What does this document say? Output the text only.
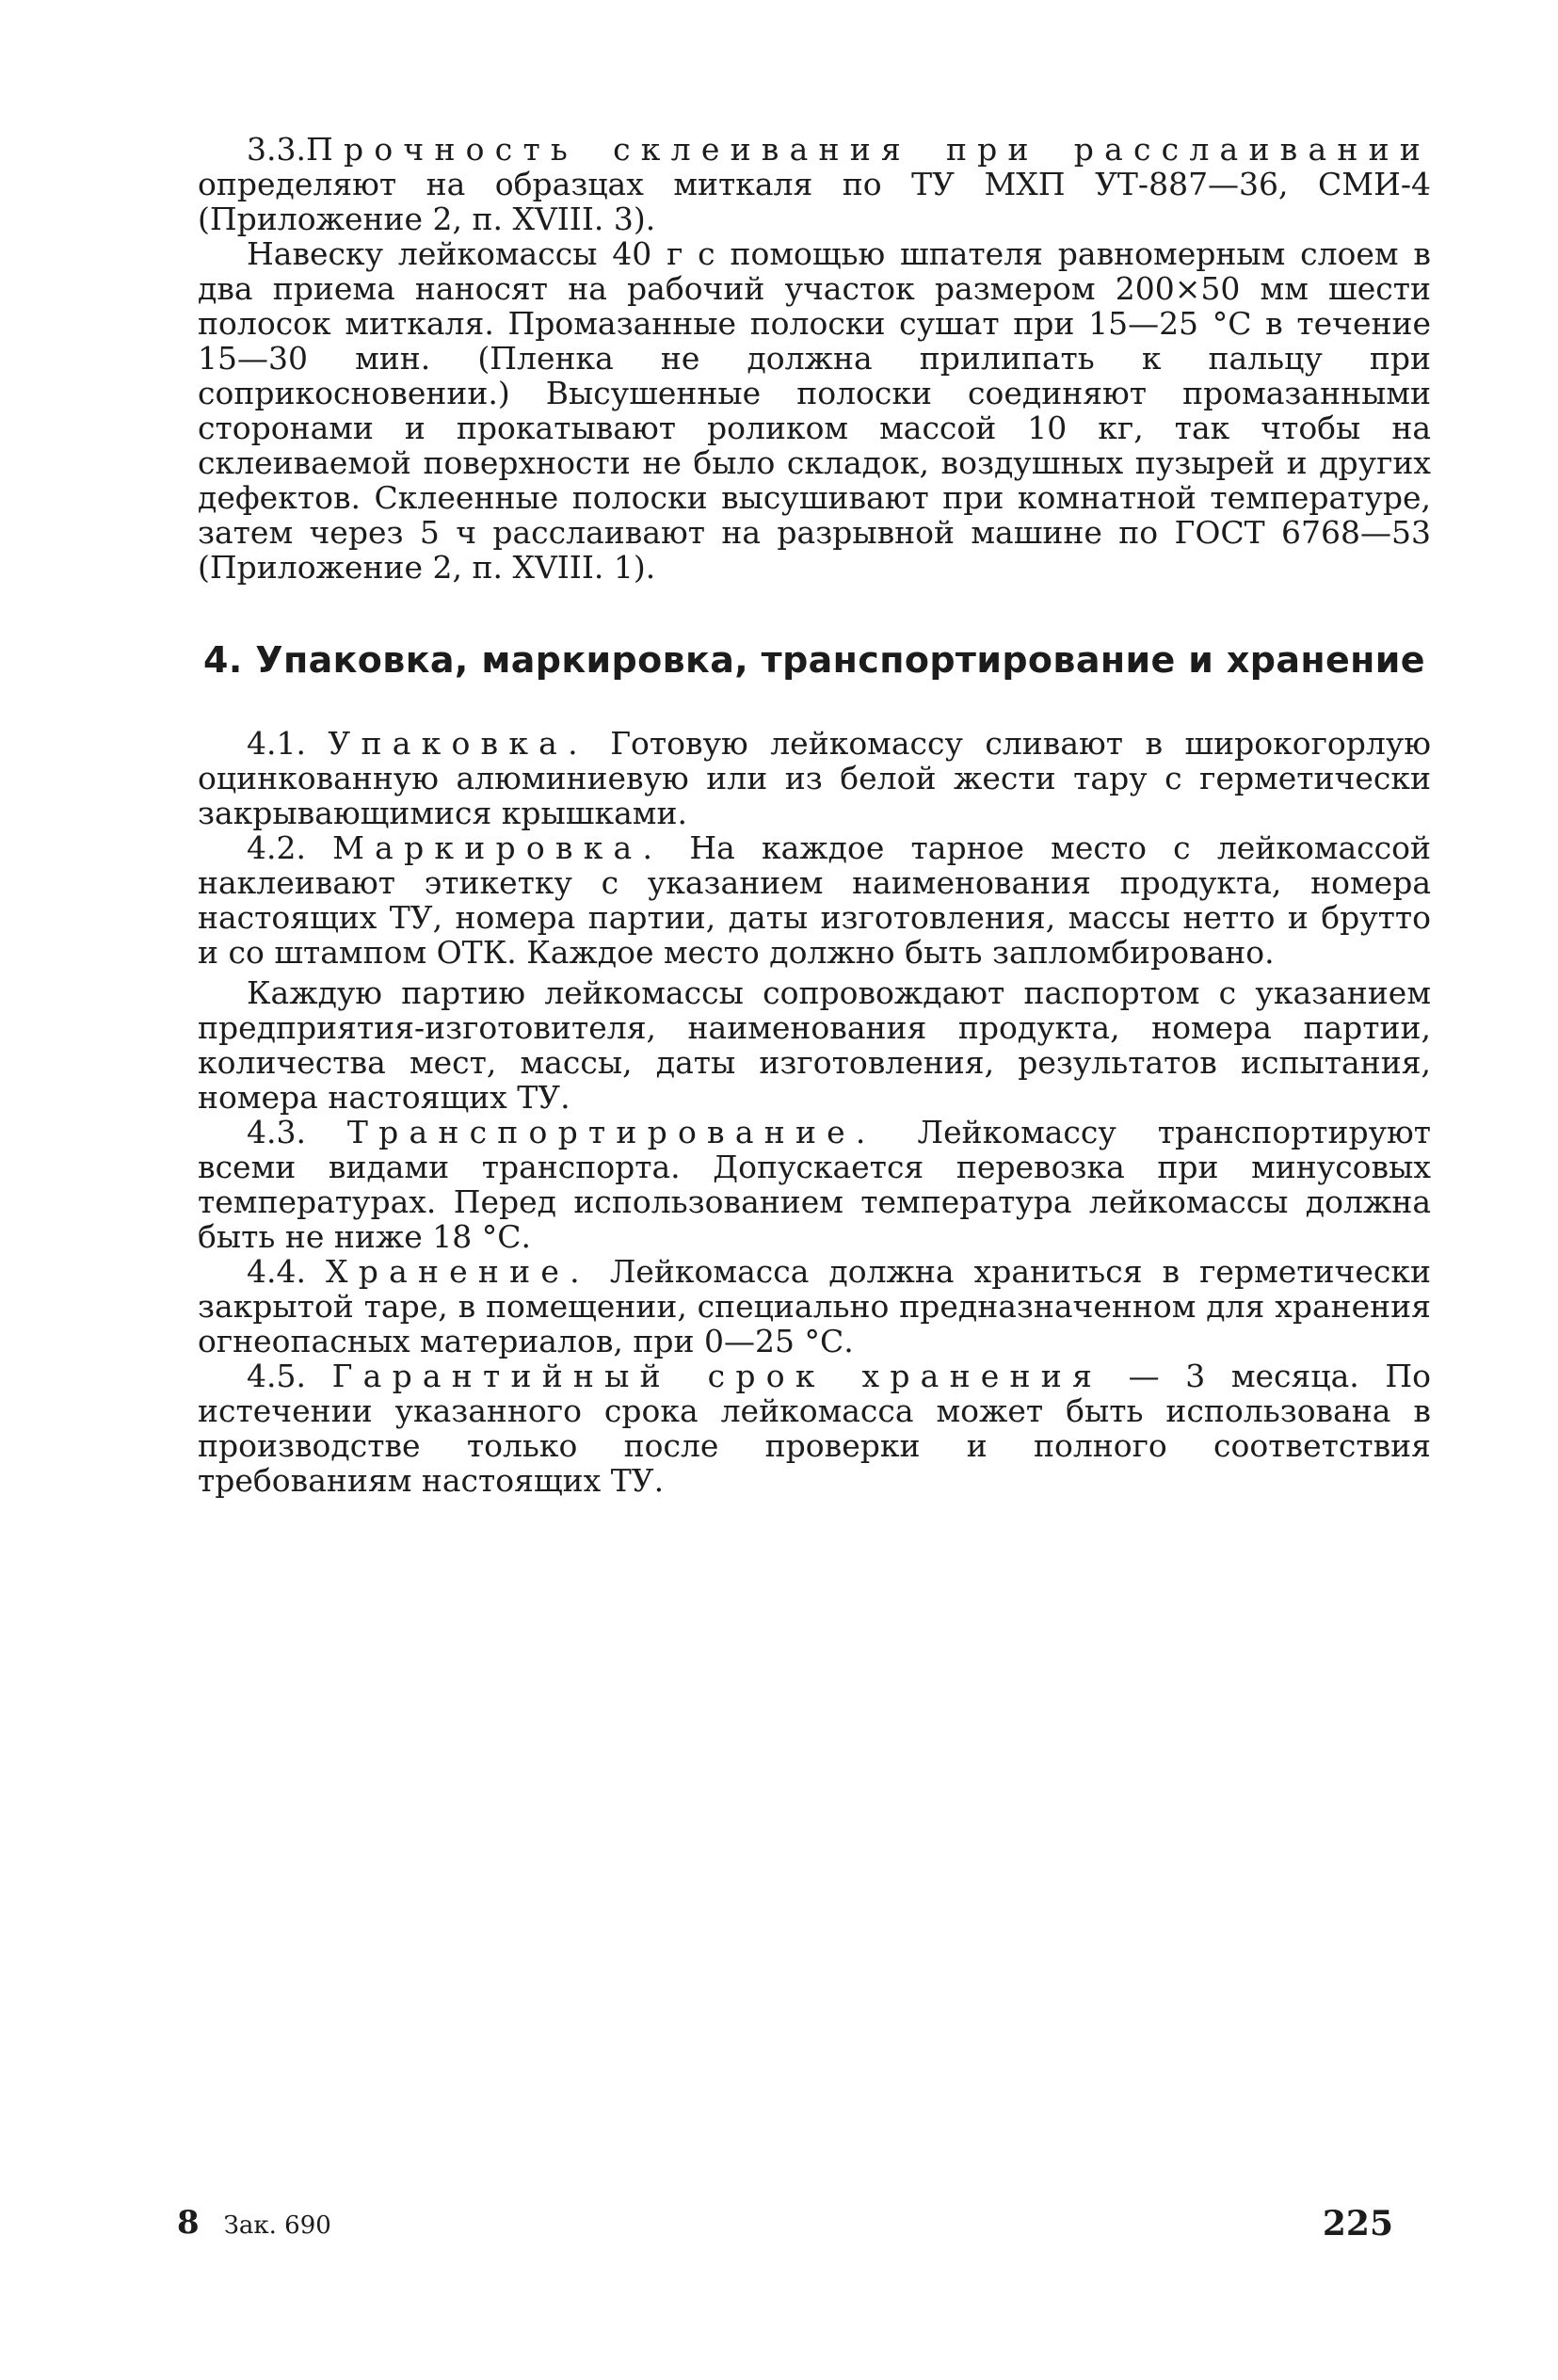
3.3.Прочность склеивания при расслаивании определяют на образцах миткаля по ТУ МХП УТ-887—36, СМИ-4 (Приложение 2, п. XVIII. 3).

Навеску лейкомассы 40 г с помощью шпателя равномерным слоем в два приема наносят на рабочий участок размером 200×50 мм шести полосок миткаля. Промазанные полоски сушат при 15—25 °С в течение 15—30 мин. (Пленка не должна прилипать к пальцу при соприкосновении.) Высушенные полоски соединяют промазанными сторонами и прокатывают роликом массой 10 кг, так чтобы на склеиваемой поверхности не было складок, воздушных пузырей и других дефектов. Склеенные полоски высушивают при комнатной температуре, затем через 5 ч расслаивают на разрывной машине по ГОСТ 6768—53 (Приложение 2, п. XVIII. 1).

4. Упаковка, маркировка, транспортирование и хранение

4.1. Упаковка. Готовую лейкомассу сливают в широкогорлую оцинкованную алюминиевую или из белой жести тару с герметически закрывающимися крышками.

4.2. Маркировка. На каждое тарное место с лейкомассой наклеивают этикетку с указанием наименования продукта, номера настоящих ТУ, номера партии, даты изготовления, массы нетто и брутто и со штампом ОТК. Каждое место должно быть запломбировано.

Каждую партию лейкомассы сопровождают паспортом с указанием предприятия-изготовителя, наименования продукта, номера партии, количества мест, массы, даты изготовления, результатов испытания, номера настоящих ТУ.

4.3. Транспортирование. Лейкомассу транспортируют всеми видами транспорта. Допускается перевозка при минусовых температурах. Перед использованием температура лейкомассы должна быть не ниже 18 °С.

4.4. Хранение. Лейкомасса должна храниться в герметически закрытой таре, в помещении, специально предназначенном для хранения огнеопасных материалов, при 0—25 °С.

4.5. Гарантийный срок хранения — 3 месяца. По истечении указанного срока лейкомасса может быть использована в производстве только после проверки и полного соответствия требованиям настоящих ТУ.

8 Зак. 690	225
